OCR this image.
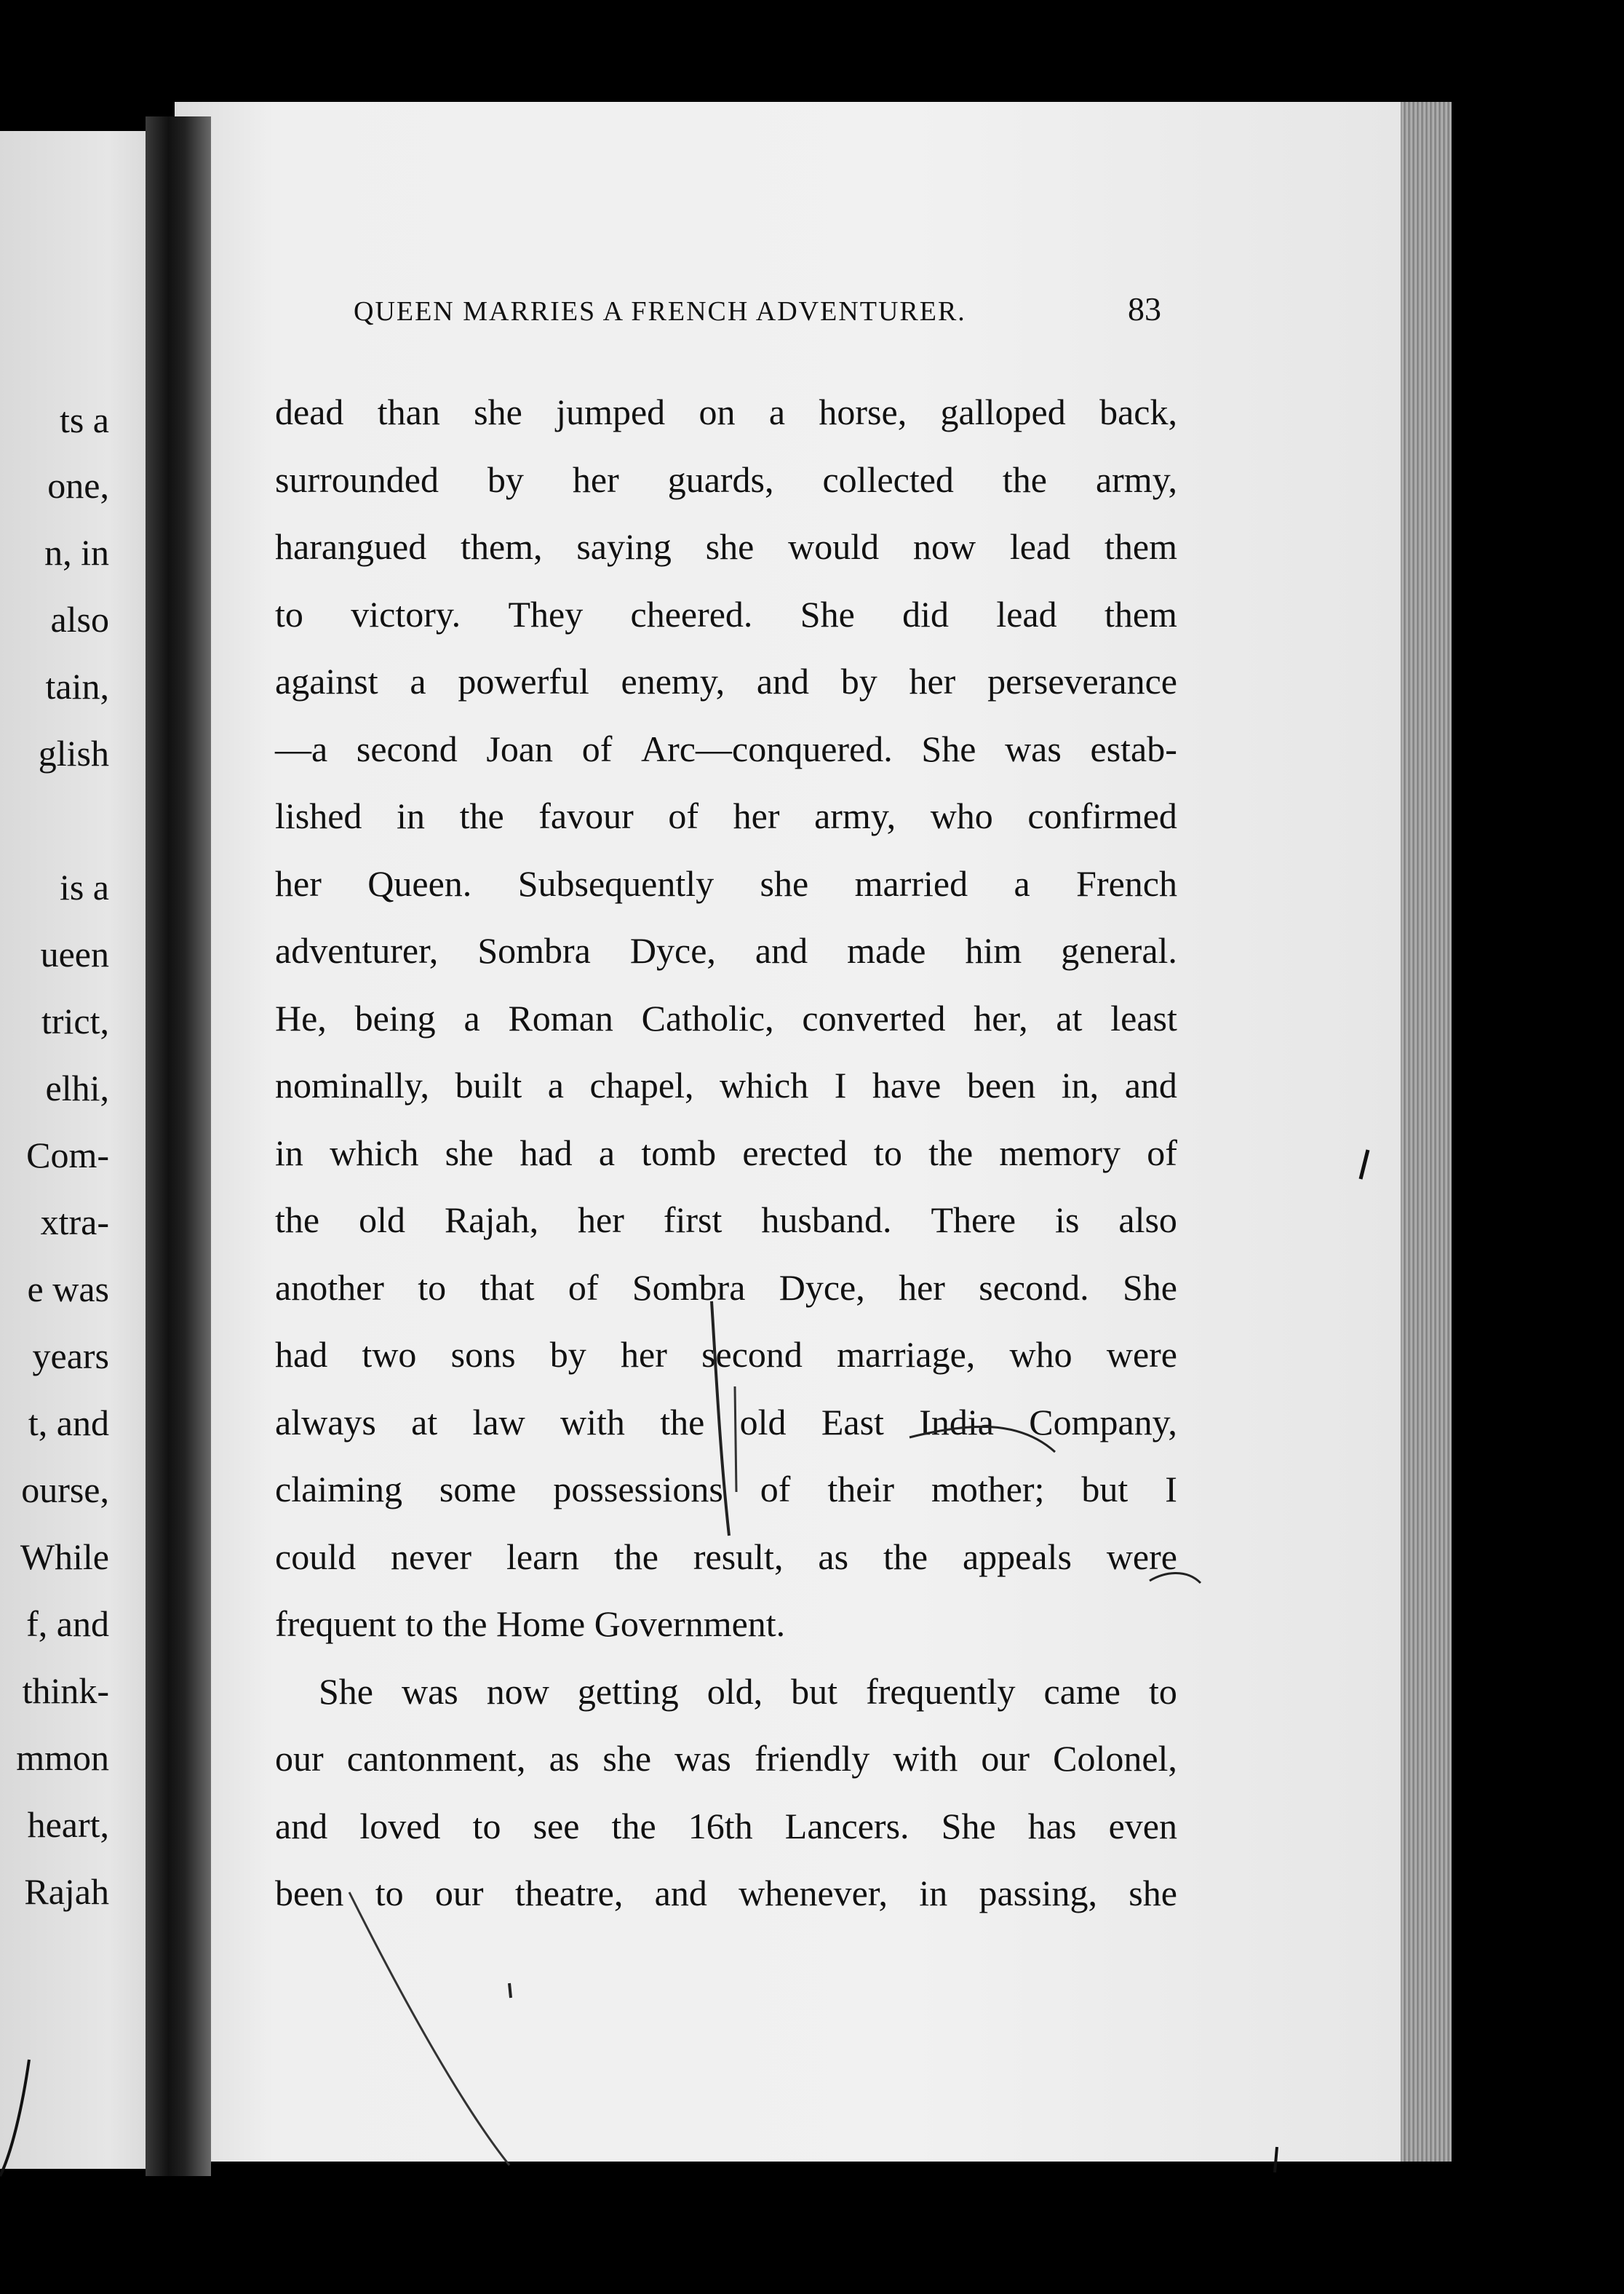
ts a
one,
n, in
also
tain,
glish
is a
ueen
trict,
elhi,
Com-
xtra-
e was
years
t, and
ourse,
While
f, and
think-
mmon
heart,
Rajah
QUEEN MARRIES A FRENCH ADVENTURER.	83
dead than she jumped on a horse, galloped back,
surrounded by her guards, collected the army,
harangued them, saying she would now lead them
to victory. They cheered. She did lead them
against a powerful enemy, and by her perseverance
—a second Joan of Arc—conquered. She was estab-
lished in the favour of her army, who confirmed
her Queen. Subsequently she married a French
adventurer, Sombra Dyce, and made him general.
He, being a Roman Catholic, converted her, at least
nominally, built a chapel, which I have been in, and
in which she had a tomb erected to the memory of
the old Rajah, her first husband. There is also
another to that of Sombra Dyce, her second. She
had two sons by her second marriage, who were
always at law with the old East India Company,
claiming some possessions of their mother; but I
could never learn the result, as the appeals were
frequent to the Home Government.
She was now getting old, but frequently came to
our cantonment, as she was friendly with our Colonel,
and loved to see the 16th Lancers. She has even
been to our theatre, and whenever, in passing, she
